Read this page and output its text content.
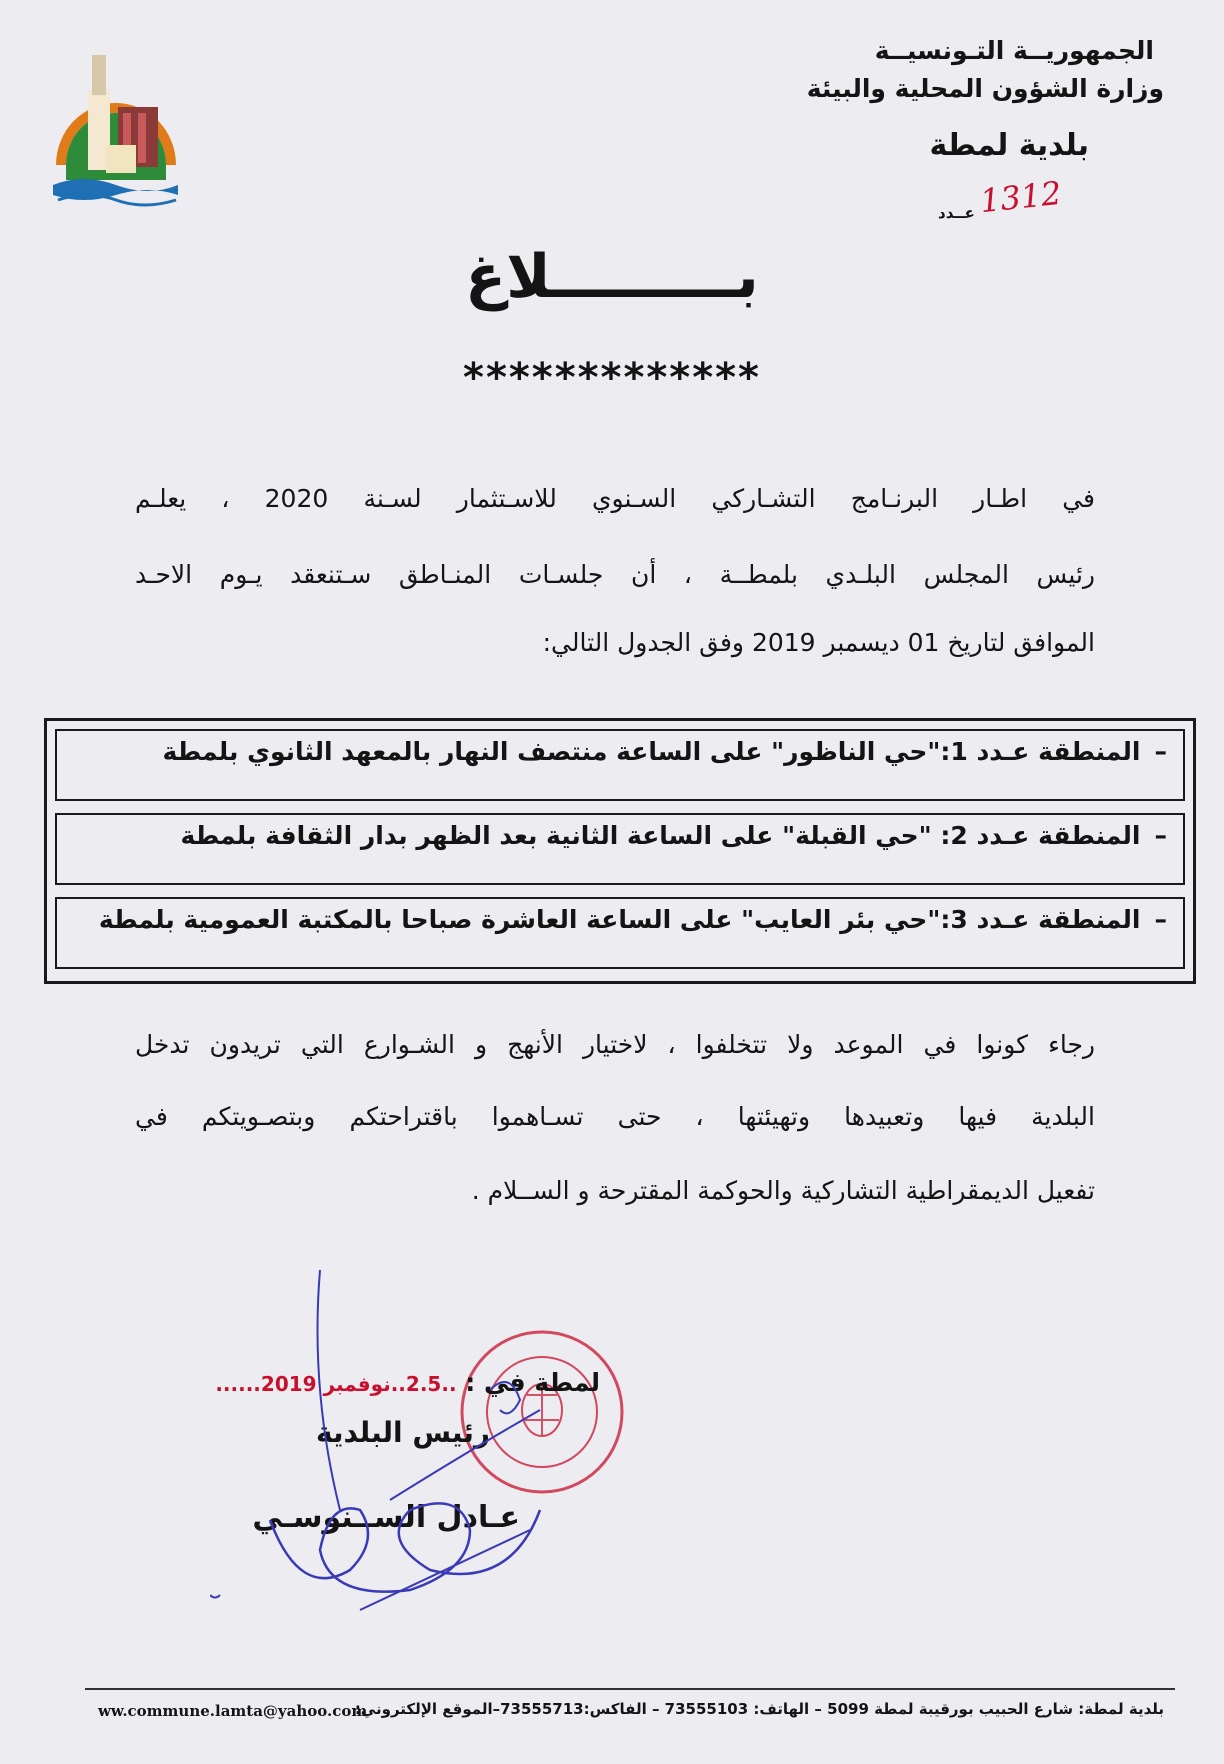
الجمهوريــة التـونسيــة
وزارة الشؤون المحلية والبيئة
بلدية لمطة
1312
عــدد
بـــــــــلاغ
*************
في اطـار البرنـامج التشـاركي السـنوي للاسـتثمار لسـنة 2020 ، يعلـم
رئيس المجلس البلـدي بلمطــة ، أن جلسـات المنـاطق سـتنعقد يـوم الاحـد
الموافق لتاريخ 01 ديسمبر 2019 وفق الجدول التالي:
–المنطقة عـدد 1:"حي الناظور" على الساعة منتصف النهار بالمعهد الثانوي بلمطة
–المنطقة عـدد 2: "حي القبلة" على الساعة الثانية بعد الظهر بدار الثقافة بلمطة
–المنطقة عـدد 3:"حي بئر العايب" على الساعة العاشرة صباحا بالمكتبة العمومية بلمطة
رجاء كونوا في الموعد ولا تتخلفوا ، لاختيار الأنهج و الشـوارع التي تريدون تدخل
البلدية فيها وتعبيدها وتهيئتها ، حتى تسـاهموا باقتراحتكم وبتصـويتكم في
تفعيل الديمقراطية التشاركية والحوكمة المقترحة و الســلام .
لمطة في : ..2.5..نوفمبر 2019......
رئيس البلدية
عـادل الســنوسـي
بلدية لمطة: شارع الحبيب بورقيبة لمطة 5099 – الهاتف: 73555103 – الفاكس:73555713–الموقع الإلكتروني:
ww.commune.lamta@yahoo.com
